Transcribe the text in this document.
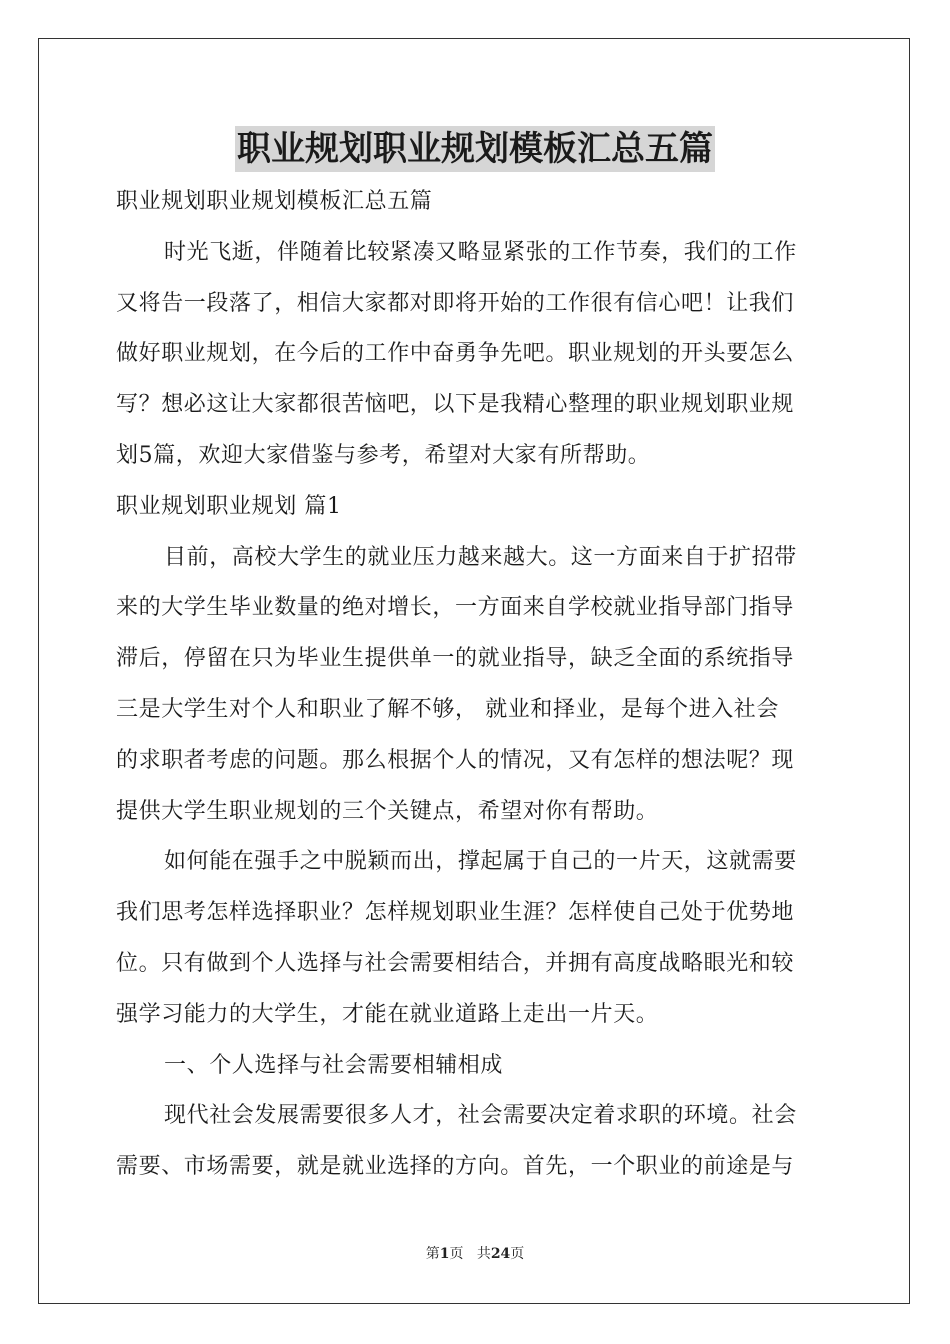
职业规划职业规划模板汇总五篇
职业规划职业规划模板汇总五篇
时光飞逝，伴随着比较紧凑又略显紧张的工作节奏，我们的工作
又将告一段落了，相信大家都对即将开始的工作很有信心吧！让我们
做好职业规划，在今后的工作中奋勇争先吧。职业规划的开头要怎么
写？想必这让大家都很苦恼吧，以下是我精心整理的职业规划职业规
划5篇，欢迎大家借鉴与参考，希望对大家有所帮助。
职业规划职业规划 篇1
目前，高校大学生的就业压力越来越大。这一方面来自于扩招带
来的大学生毕业数量的绝对增长，一方面来自学校就业指导部门指导
滞后，停留在只为毕业生提供单一的就业指导，缺乏全面的系统指导
三是大学生对个人和职业了解不够， 就业和择业，是每个进入社会
的求职者考虑的问题。那么根据个人的情况，又有怎样的想法呢？现
提供大学生职业规划的三个关键点，希望对你有帮助。
如何能在强手之中脱颖而出，撑起属于自己的一片天，这就需要
我们思考怎样选择职业？怎样规划职业生涯？怎样使自己处于优势地
位。只有做到个人选择与社会需要相结合，并拥有高度战略眼光和较
强学习能力的大学生，才能在就业道路上走出一片天。
一、个人选择与社会需要相辅相成
现代社会发展需要很多人才，社会需要决定着求职的环境。社会
需要、市场需要，就是就业选择的方向。首先，一个职业的前途是与
第1页 共24页
